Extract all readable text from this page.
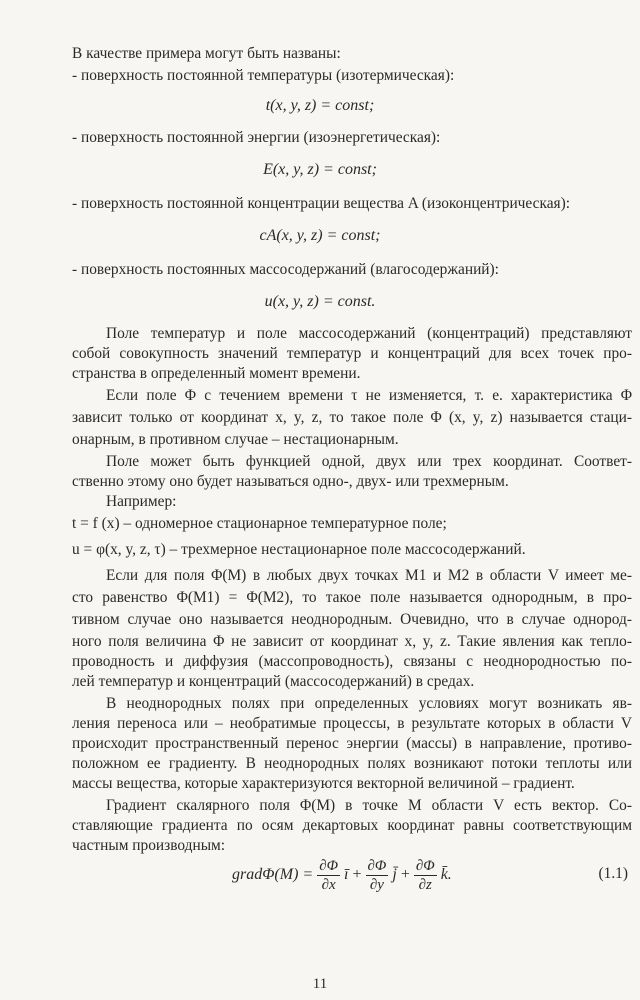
В качестве примера могут быть названы:
- поверхность постоянной температуры (изотермическая):
t(x, y, z) = const;
- поверхность постоянной энергии (изоэнергетическая):
E(x, y, z) = const;
- поверхность постоянной концентрации вещества A (изоконцентрическая):
cA(x, y, z) = const;
- поверхность постоянных массосодержаний (влагосодержаний):
u(x, y, z) = const.
Поле температур и поле массосодержаний (концентраций) представляют
собой совокупность значений температур и концентраций для всех точек про-
странства в определенный момент времени.
Если поле Φ с течением времени τ не изменяется, т. е. характеристика Φ
зависит только от координат x, y, z, то такое поле Φ (x, y, z) называется стаци-
онарным, в противном случае – нестационарным.
Поле может быть функцией одной, двух или трех координат. Соответ-
ственно этому оно будет называться одно-, двух- или трехмерным.
Например:
t = f (x) – одномерное стационарное температурное поле;
u = φ(x, y, z, τ) – трехмерное нестационарное поле массосодержаний.
Если для поля Φ(M) в любых двух точках M1 и M2 в области V имеет ме-
сто равенство Φ(M1) = Φ(M2), то такое поле называется однородным, в про-
тивном случае оно называется неоднородным. Очевидно, что в случае однород-
ного поля величина Φ не зависит от координат x, y, z. Такие явления как тепло-
проводность и диффузия (массопроводность), связаны с неоднородностью по-
лей температур и концентраций (массосодержаний) в средах.
В неоднородных полях при определенных условиях могут возникать яв-
ления переноса или – необратимые процессы, в результате которых в области V
происходит пространственный перенос энергии (массы) в направление, противо-
положном ее градиенту. В неоднородных полях возникают потоки теплоты или
массы вещества, которые характеризуются векторной величиной – градиент.
Градиент скалярного поля Φ(M) в точке M области V есть вектор. Со-
ставляющие градиента по осям декартовых координат равны соответствующим
частным производным:
gradΦ(M) = $\frac{\partial\Phi}{\partial x}$ ī + $\frac{\partial\Phi}{\partial y}$ j̄ + $\frac{\partial\Phi}{\partial z}$ k̄.	(1.1)
11
